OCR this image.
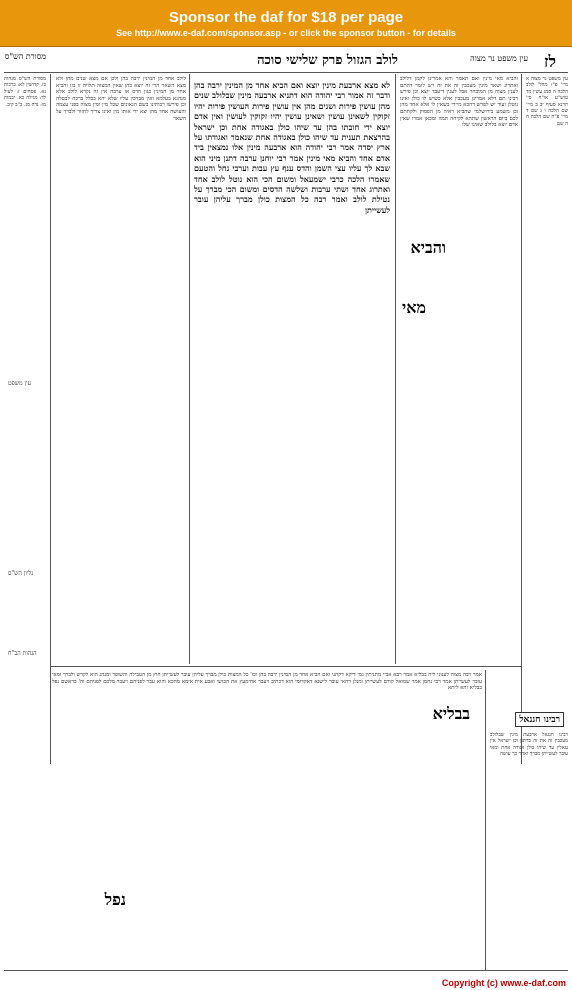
Sponsor the daf for $18 per page
See http://www.e-daf.com/sponsor.asp - or click the sponsor button - for details
לז
לולב הגזול פרק שלישי סוכה
מסורת הש"ס	עין משפט נר מצוה

עין משפט נר מצוה א מיי' פ"ז מהל' לולב הלכה ה סמג עשין מד טוש"ע או"ח סי' תרנא סעיף יב ב מיי' שם הלכה ו ג שם ד מיי' פ"ח שם הלכה ח ה שם

והביא מאי מינין ואם תאמר והא אמרינן לקמן דלולב ואתרוג ושאר מינין מעכבין זה את זה ויש לומר דהתם לענין מצוה מן המובחר אבל לענין דיעבד יוצא וכן פירש רבינו תם דלא אמרינן מעכבין אלא כשיש לו כולן ואינו נוטלן ועוד יש לפרש דהכא מיירי בשאין לו אלא אחד מהן וכן משמע בירושלמי שהביא ראיה מן הפסוק ולקחתם לכם ביום הראשון שתהא לקיחה תמה ומכאן אמרו שאין אדם יוצא בלולב שאינו שלו

והביא
מאי

לא מצא ארבעת מינין יוצא ואם הביא אחד מן המינין ירבה בהן ודבר זה אמור רבי יהודה הוא דתניא ארבעה מינין שבלולב שנים מהן עושין פירות ושנים מהן אין עושין פירות העושין פירות יהיו זקוקין לשאינן עושין ושאינן עושין יהיו זקוקין לעושין ואין אדם יוצא ידי חובתו בהן עד שיהו כולן באגודה אחת וכן ישראל בהרצאת תענית עד שיהו כולן באגודה אחת שנאמר ואגודתו על ארץ יסדה אמר רבי יהודה הוא ארבעה מינין אלו נמצאין ביד אדם אחד והביא מאי מינין אמר רבי יוחנן ערבה דתנן מיני הוא שבא לך עליו עצי השמן והדס ענף עץ עבות וערבי נחל והטעם שאמרו הלכה כרבי ישמעאל ומשום הכי הוא נוטל לולב אחד ואתרוג אחד ושתי ערבות ושלשה הדסים ומשום הכי מברך על נטילת לולב ואמר רבה כל המצות כולן מברך עליהן עובר לעשייתן

לולב אחד מן המינין ירבה בהן ולכן אם מצא שנים מהן ולא מצא השאר הרי זה יוצא בהן שאין המצוה תלויה זו בזו והביא אחד מן המינין כגון הדס או ערבה אין זה נקרא לולב אלא מנהגא בעלמא ואין מברכין עליו שלא יהא בכלל ברכה לבטלה וכן פירשו רבותינו בשם הגאונים שכל מין ומין מצוה בפני עצמה והעושה אחד מהן יצא ידי אותו מין ואינו צריך לחזור ולברך על השאר

מסורת הש"ס מנחות כז. קדושין לא: ברכות נא. פסחים ז: לעיל לד: מגילה כא. יבמות מו: נדה סג. ב"ב קיב.

עין משפט
גליון הש"ס
הגהות הב"ח
רבינו חננאל

רבינו חננאל ארבעת מינין שבלולב מעכבין זה את זה כדתנן וכן ישראל אין נגאלין עד שיהו כולן אגודה אחת ומאי עובר לעשייתן מברך ואחר כך עושה

אמר רבה מצוה לענוני ליה בבליא אמר רבא אביי מתניתין נמי דיקא דקתני ואם הביא אחד מן המינין ירבה בהן וכו' כל המצות כולן מברך עליהן עובר לעשייתן חוץ מן הטבילה והשופר ומנהג הוא לקדש ולברך ומאי עובר לעשייתן אמר רבי נחמן אמר שמואל קודם לעשייתן ומנלן דהאי עובר לישנא דאקדומי הוא דכתיב ויעבר אחימעץ את הכושי ואבע אית אימא מהכא והוא עבר לפניהם ויעבר מלכם לפניהם וה' בראשם נפל בבליא והא ליתא

בבליא
נפל
Copyright (c) www.e-daf.com
